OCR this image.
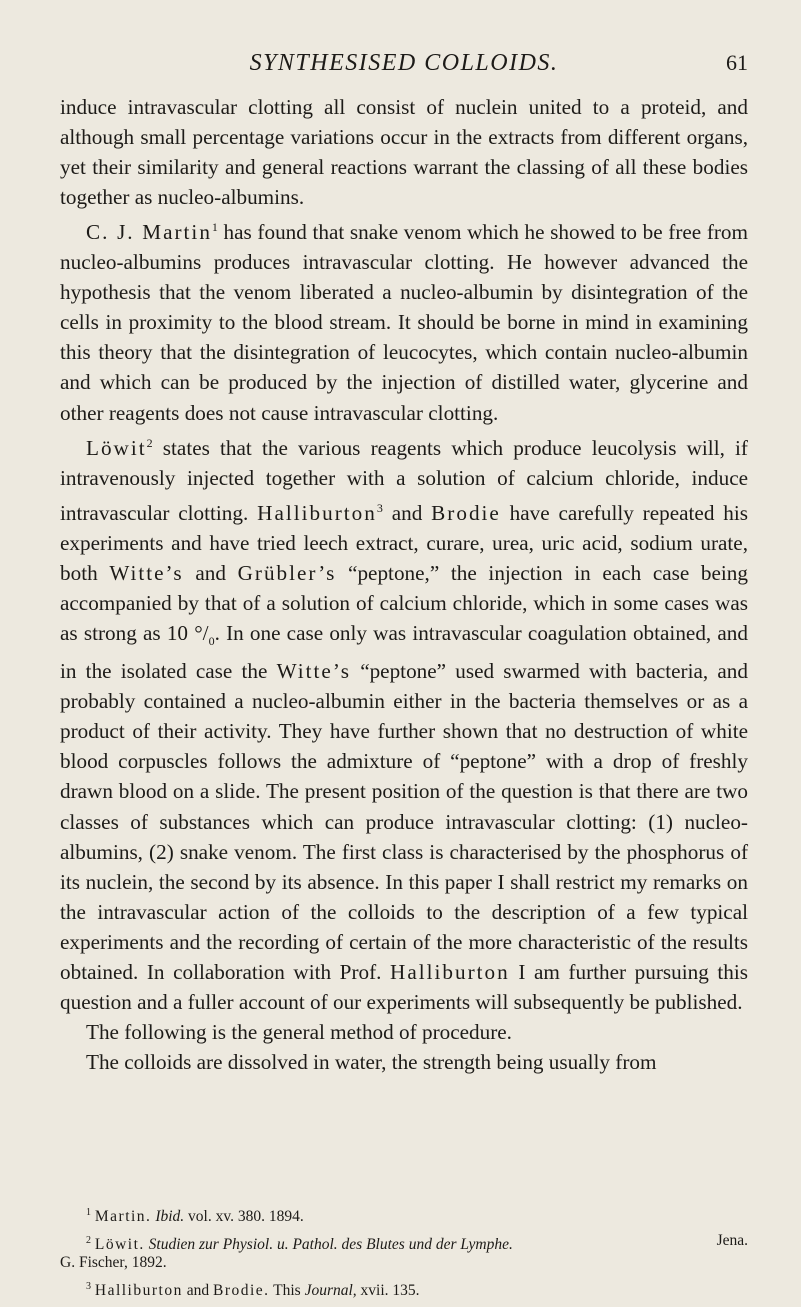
SYNTHESISED COLLOIDS.	61

induce intravascular clotting all consist of nuclein united to a proteid, and although small percentage variations occur in the extracts from different organs, yet their similarity and general reactions warrant the classing of all these bodies together as nucleo-albumins.

C. J. Martin$^1$ has found that snake venom which he showed to be free from nucleo-albumins produces intravascular clotting. He however advanced the hypothesis that the venom liberated a nucleo-albumin by disintegration of the cells in proximity to the blood stream. It should be borne in mind in examining this theory that the disintegration of leucocytes, which contain nucleo-albumin and which can be produced by the injection of distilled water, glycerine and other reagents does not cause intravascular clotting.

Löwit$^2$ states that the various reagents which produce leucolysis will, if intravenously injected together with a solution of calcium chloride, induce intravascular clotting. Halliburton$^3$ and Brodie have carefully repeated his experiments and have tried leech extract, curare, urea, uric acid, sodium urate, both Witte’s and Grübler’s “peptone,” the injection in each case being accompanied by that of a solution of calcium chloride, which in some cases was as strong as 10 $^\circ/_0$. In one case only was intravascular coagulation obtained, and in the isolated case the Witte’s “peptone” used swarmed with bacteria, and probably contained a nucleo-albumin either in the bacteria themselves or as a product of their activity. They have further shown that no destruction of white blood corpuscles follows the admixture of “peptone” with a drop of freshly drawn blood on a slide. The present position of the question is that there are two classes of substances which can produce intravascular clotting: (1) nucleo-albumins, (2) snake venom. The first class is characterised by the phosphorus of its nuclein, the second by its absence. In this paper I shall restrict my remarks on the intravascular action of the colloids to the description of a few typical experiments and the recording of certain of the more characteristic of the results obtained. In collaboration with Prof. Halliburton I am further pursuing this question and a fuller account of our experiments will subsequently be published.

The following is the general method of procedure.

The colloids are dissolved in water, the strength being usually from

$^1$ Martin. Ibid. vol. xv. 380. 1894.

$^2$ Löwit. Studien zur Physiol. u. Pathol. des Blutes und der Lymphe.	Jena.

G. Fischer, 1892.

$^3$ Halliburton and Brodie. This Journal, xvii. 135.
